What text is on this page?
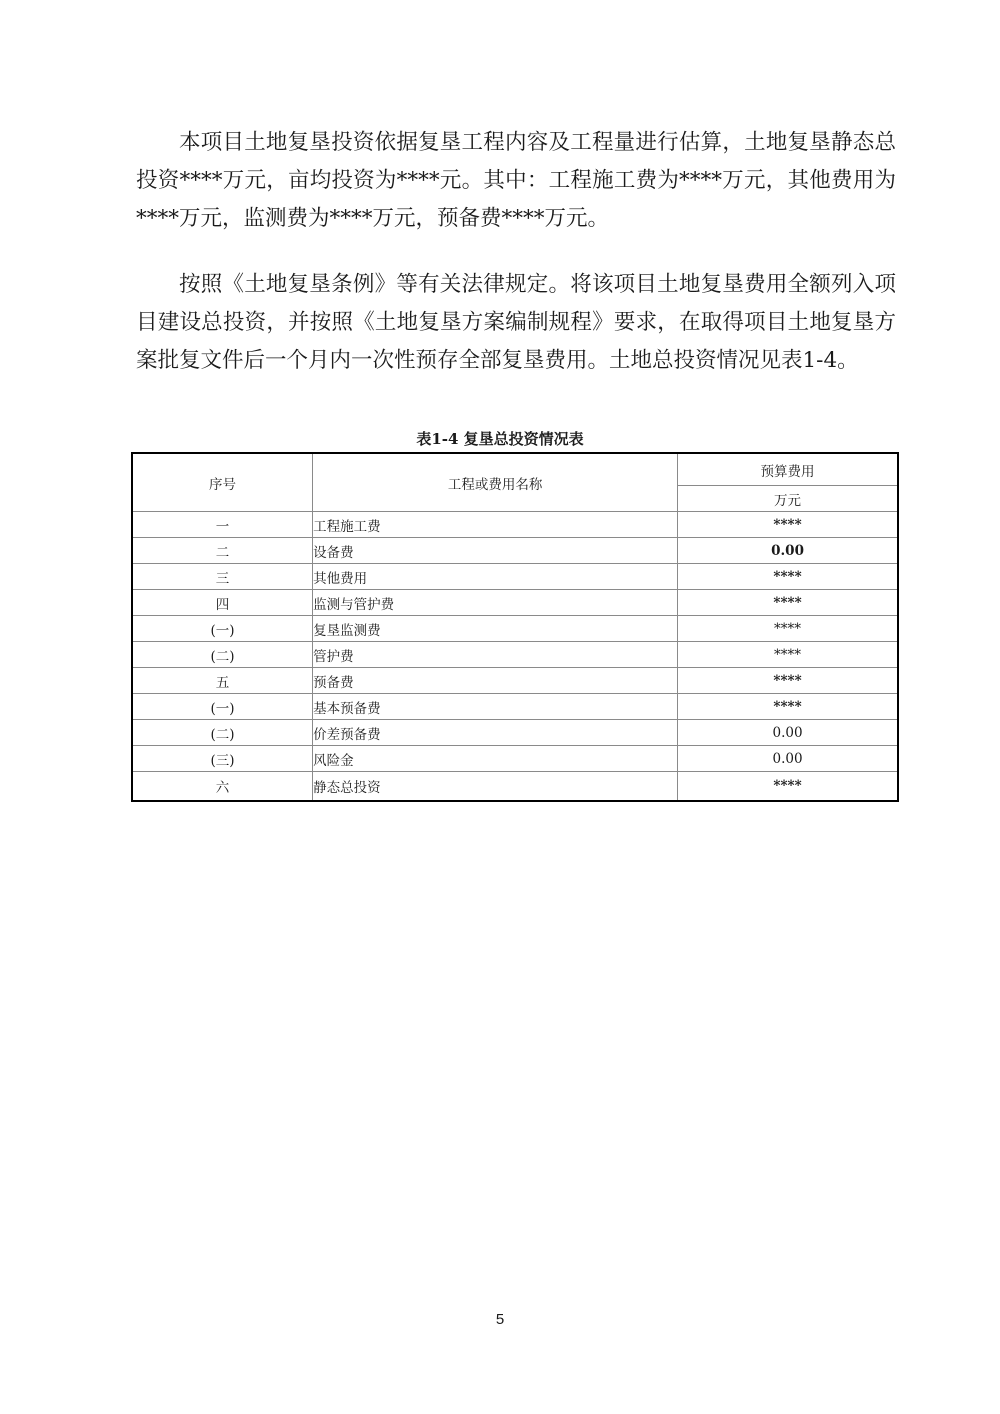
本项目土地复垦投资依据复垦工程内容及工程量进行估算，土地复垦静态总投资****万元，亩均投资为****元。其中：工程施工费为****万元，其他费用为****万元，监测费为****万元，预备费****万元。

按照《土地复垦条例》等有关法律规定。将该项目土地复垦费用全额列入项目建设总投资，并按照《土地复垦方案编制规程》要求，在取得项目土地复垦方案批复文件后一个月内一次性预存全部复垦费用。土地总投资情况见表1-4。

表1-4 复垦总投资情况表
序号	工程或费用名称	预算费用
		万元
一	工程施工费	****
二	设备费	0.00
三	其他费用	****
四	监测与管护费	****
(一)	复垦监测费	****
(二)	管护费	****
五	预备费	****
(一)	基本预备费	****
(二)	价差预备费	0.00
(三)	风险金	0.00
六	静态总投资	****
5
